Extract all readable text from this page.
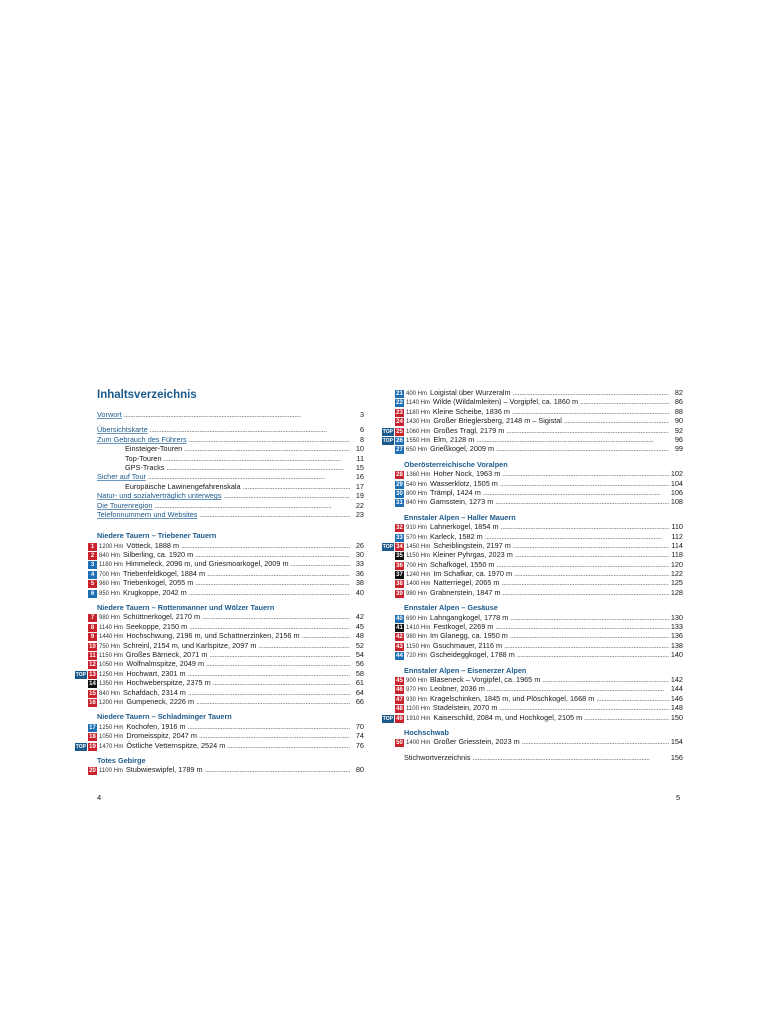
Inhaltsverzeichnis
Vorwort . . .	3
Übersichtskarte . . .	6
Zum Gebrauch des Führers . . .	8
Einsteiger-Touren . . .	10
Top-Touren . . .	11
GPS-Tracks . . .	15
Sicher auf Tour . . .	16
Europäische Lawinengefahrenskala . . .	17
Natur- und sozialverträglich unterwegs . . .	19
Die Tourenregion . . .	22
Telefonnummern und Websites . . .	23
Niedere Tauern – Triebener Tauern
1 1200 Hm Vötteck, 1888 m . . .	26
2 840 Hm Silberling, ca. 1920 m . . .	30
3 1180 Hm Himmeleck, 2096 m, und Griesmoarkogel, 2009 m . . .	33
4 700 Hm Triebenfeldkogel, 1884 m . . .	36
5 960 Hm Triebenkogel, 2055 m . . .	38
6 850 Hm Krugkoppe, 2042 m . . .	40
Niedere Tauern – Rottenmanner und Wölzer Tauern
7 980 Hm Schüttnerkogel, 2170 m . . .	42
8 1140 Hm Seekoppe, 2150 m . . .	45
9 1440 Hm Hochschwung, 2196 m, und Schattnerzinken, 2156 m . . .	48
10 750 Hm Schreinl, 2154 m, und Karlspitze, 2097 m . . .	52
11 1150 Hm Großes Bärneck, 2071 m . . .	54
12 1050 Hm Wolfnalmspitze, 2049 m . . .	56
TOP 13 1250 Hm Hochwart, 2301 m . . .	58
14 1350 Hm Hochweberspitze, 2375 m . . .	61
15 840 Hm Schafdach, 2314 m . . .	64
16 1200 Hm Gumpeneck, 2226 m . . .	66
Niedere Tauern – Schladminger Tauern
17 1250 Hm Kochofen, 1916 m . . .	70
18 1050 Hm Dromeisspitz, 2047 m . . .	74
TOP 19 1470 Hm Östliche Vetternspitze, 2524 m . . .	76
Totes Gebirge
20 1100 Hm Stubwieswipfel, 1789 m . . .	80
21 400 Hm Loigistal über Wurzeralm . . .	82
22 1140 Hm Wilde (Wildalmleiten) – Vorgipfel, ca. 1860 m . . .	86
23 1180 Hm Kleine Scheibe, 1836 m . . .	88
24 1430 Hm Großer Brieglersberg, 2148 m – Sigistal . . .	90
TOP 25 1060 Hm Großes Tragl, 2179 m . . .	92
TOP 26 1550 Hm Elm, 2128 m . . .	96
27 650 Hm Grießkogel, 2009 m . . .	99
Oberösterreichische Voralpen
28 1360 Hm Hoher Nock, 1963 m . . .	102
29 540 Hm Wasserklotz, 1505 m . . .	104
30 800 Hm Trämpl, 1424 m . . .	106
31 840 Hm Gamsstein, 1273 m . . .	108
Ennstaler Alpen – Haller Mauern
32 910 Hm Lahnerkogel, 1854 m . . .	110
33 570 Hm Karleck, 1582 m . . .	112
TOP 34 1450 Hm Scheiblingstein, 2197 m . . .	114
35 1150 Hm Kleiner Pyhrgas, 2023 m . . .	118
36 700 Hm Schafkogel, 1550 m . . .	120
37 1240 Hm Im Schafkar, ca. 1970 m . . .	122
38 1400 Hm Natterriegel, 2065 m . . .	125
39 980 Hm Grabnerstein, 1847 m . . .	128
Ennstaler Alpen – Gesäuse
40 690 Hm Lahngangkogel, 1778 m . . .	130
41 1410 Hm Festkogel, 2269 m . . .	133
42 980 Hm Im Glanegg, ca. 1950 m . . .	136
43 1150 Hm Gsuchmauer, 2116 m . . .	138
44 720 Hm Gscheideggkogel, 1788 m . . .	140
Ennstaler Alpen – Eisenerzer Alpen
45 900 Hm Blaseneck – Vorgipfel, ca. 1965 m . . .	142
46 970 Hm Leobner, 2036 m . . .	144
47 930 Hm Kragelschinken, 1845 m, und Plöschkogel, 1668 m . . .	146
48 1100 Hm Stadelstein, 2070 m . . .	148
TOP 49 1910 Hm Kaiserschild, 2084 m, und Hochkogel, 2105 m . . .	150
Hochschwab
50 1400 Hm Großer Griesstein, 2023 m . . .	154
Stichwortverzeichnis . . .	156
4	5
